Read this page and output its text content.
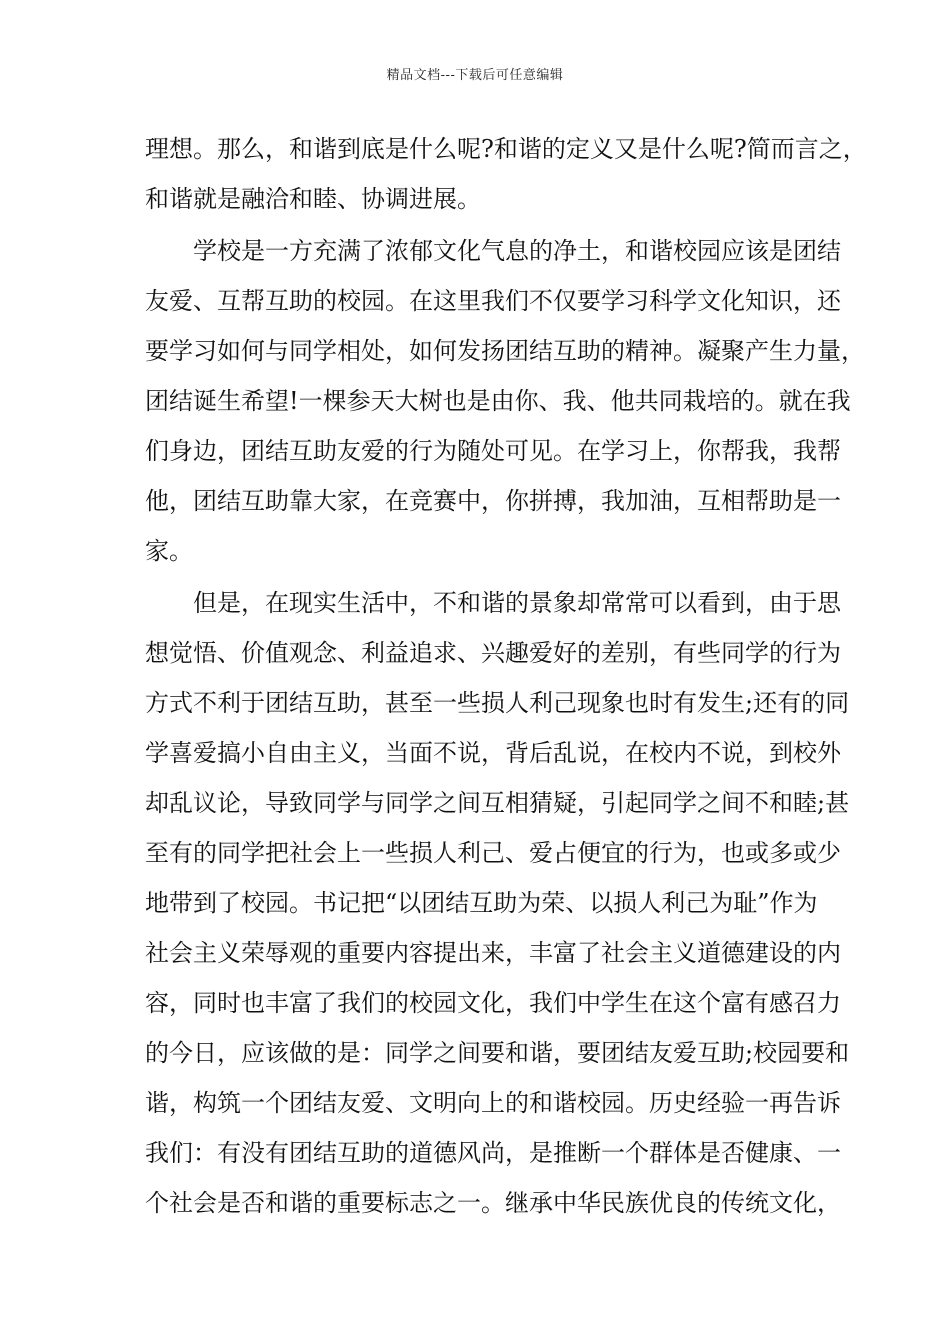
精品文档---下载后可任意编辑
理想。那么，和谐到底是什么呢?和谐的定义又是什么呢?简而言之，
和谐就是融洽和睦、协调进展。
学校是一方充满了浓郁文化气息的净土，和谐校园应该是团结
友爱、互帮互助的校园。在这里我们不仅要学习科学文化知识，还
要学习如何与同学相处，如何发扬团结互助的精神。凝聚产生力量，
团结诞生希望!一棵参天大树也是由你、我、他共同栽培的。就在我
们身边，团结互助友爱的行为随处可见。在学习上，你帮我，我帮
他，团结互助靠大家，在竞赛中，你拼搏，我加油，互相帮助是一
家。
但是，在现实生活中，不和谐的景象却常常可以看到，由于思
想觉悟、价值观念、利益追求、兴趣爱好的差别，有些同学的行为
方式不利于团结互助，甚至一些损人利己现象也时有发生;还有的同
学喜爱搞小自由主义，当面不说，背后乱说，在校内不说，到校外
却乱议论，导致同学与同学之间互相猜疑，引起同学之间不和睦;甚
至有的同学把社会上一些损人利己、爱占便宜的行为，也或多或少
地带到了校园。书记把“以团结互助为荣、以损人利己为耻”作为
社会主义荣辱观的重要内容提出来，丰富了社会主义道德建设的内
容，同时也丰富了我们的校园文化，我们中学生在这个富有感召力
的今日，应该做的是：同学之间要和谐，要团结友爱互助;校园要和
谐，构筑一个团结友爱、文明向上的和谐校园。历史经验一再告诉
我们：有没有团结互助的道德风尚，是推断一个群体是否健康、一
个社会是否和谐的重要标志之一。继承中华民族优良的传统文化，
